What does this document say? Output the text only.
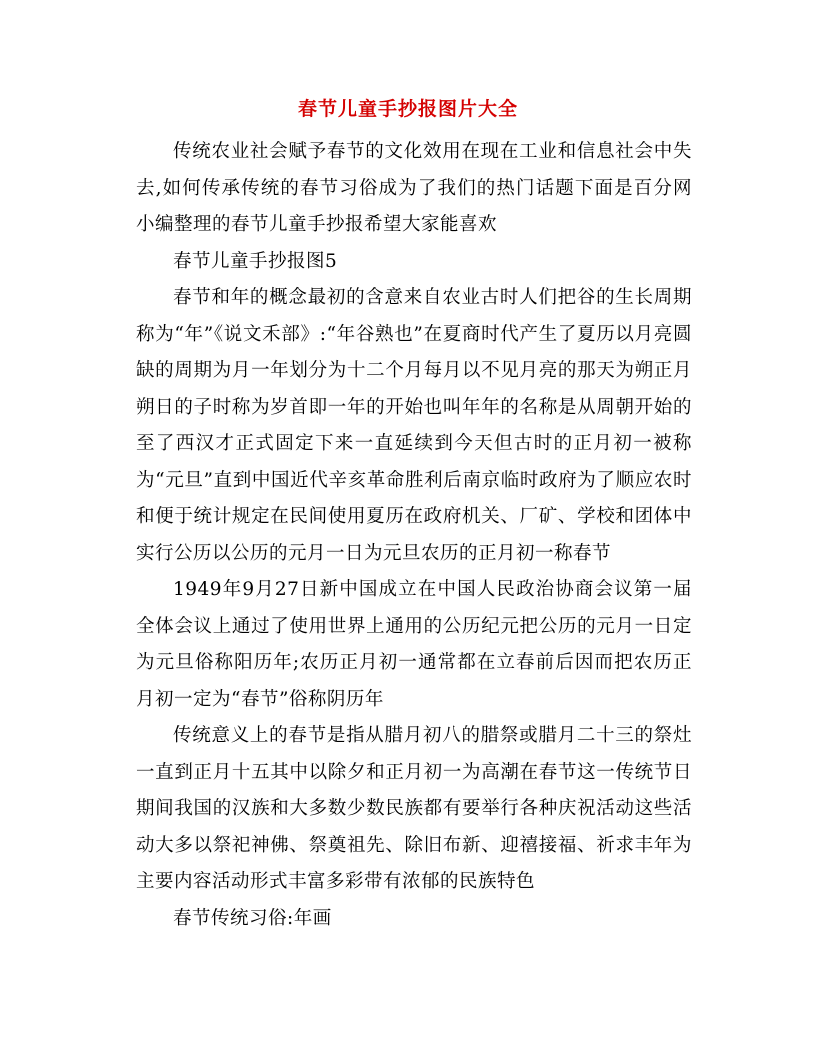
春节儿童手抄报图片大全

传统农业社会赋予春节的文化效用在现在工业和信息社会中失去,如何传承传统的春节习俗成为了我们的热门话题下面是百分网小编整理的春节儿童手抄报希望大家能喜欢

春节儿童手抄报图5

春节和年的概念最初的含意来自农业古时人们把谷的生长周期称为“年”《说文禾部》:“年谷熟也”在夏商时代产生了夏历以月亮圆缺的周期为月一年划分为十二个月每月以不见月亮的那天为朔正月朔日的子时称为岁首即一年的开始也叫年年的名称是从周朝开始的至了西汉才正式固定下来一直延续到今天但古时的正月初一被称为“元旦”直到中国近代辛亥革命胜利后南京临时政府为了顺应农时和便于统计规定在民间使用夏历在政府机关、厂矿、学校和团体中实行公历以公历的元月一日为元旦农历的正月初一称春节

1949年9月27日新中国成立在中国人民政治协商会议第一届全体会议上通过了使用世界上通用的公历纪元把公历的元月一日定为元旦俗称阳历年;农历正月初一通常都在立春前后因而把农历正月初一定为“春节”俗称阴历年

传统意义上的春节是指从腊月初八的腊祭或腊月二十三的祭灶一直到正月十五其中以除夕和正月初一为高潮在春节这一传统节日期间我国的汉族和大多数少数民族都有要举行各种庆祝活动这些活动大多以祭祀神佛、祭奠祖先、除旧布新、迎禧接福、祈求丰年为主要内容活动形式丰富多彩带有浓郁的民族特色

春节传统习俗:年画
